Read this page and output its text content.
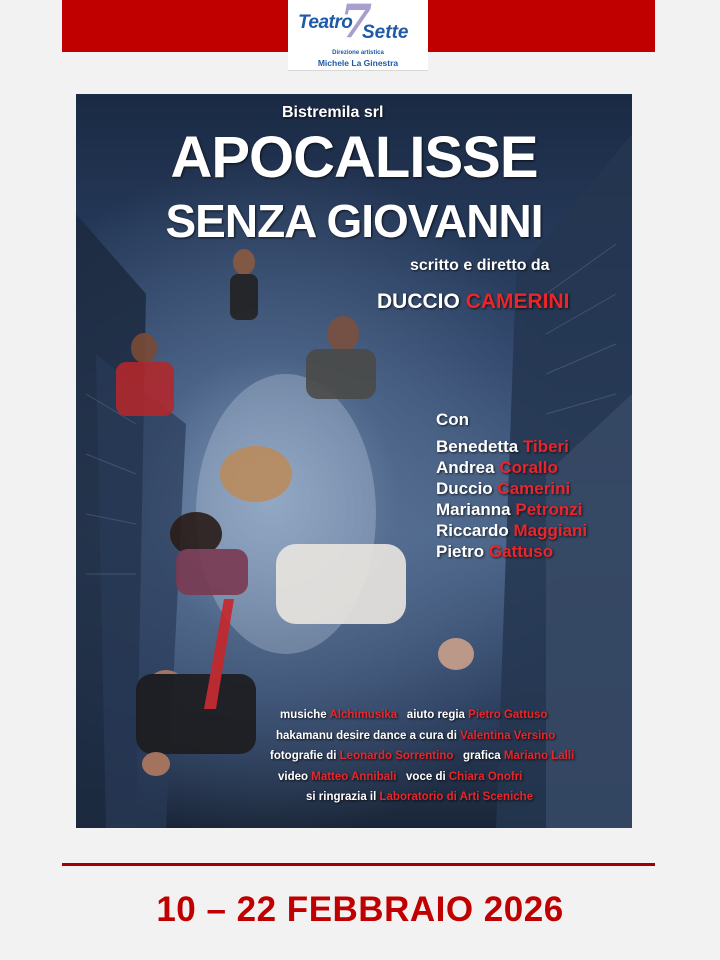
7
Teatro Sette
Direzione artistica
Michele La Ginestra
Bistremila srl
APOCALISSE
SENZA GIOVANNI
scritto e diretto da
DUCCIO CAMERINI
Con
Benedetta Tiberi
Andrea Corallo
Duccio Camerini
Marianna Petronzi
Riccardo Maggiani
Pietro Gattuso
musiche Alchimusika aiuto regia Pietro Gattuso
hakamanu desire dance a cura di Valentina Versino
fotografie di Leonardo Sorrentino grafica Mariano Lalli
video Matteo Annibali voce di Chiara Onofri
si ringrazia il Laboratorio di Arti Sceniche
10 – 22 FEBBRAIO 2026
